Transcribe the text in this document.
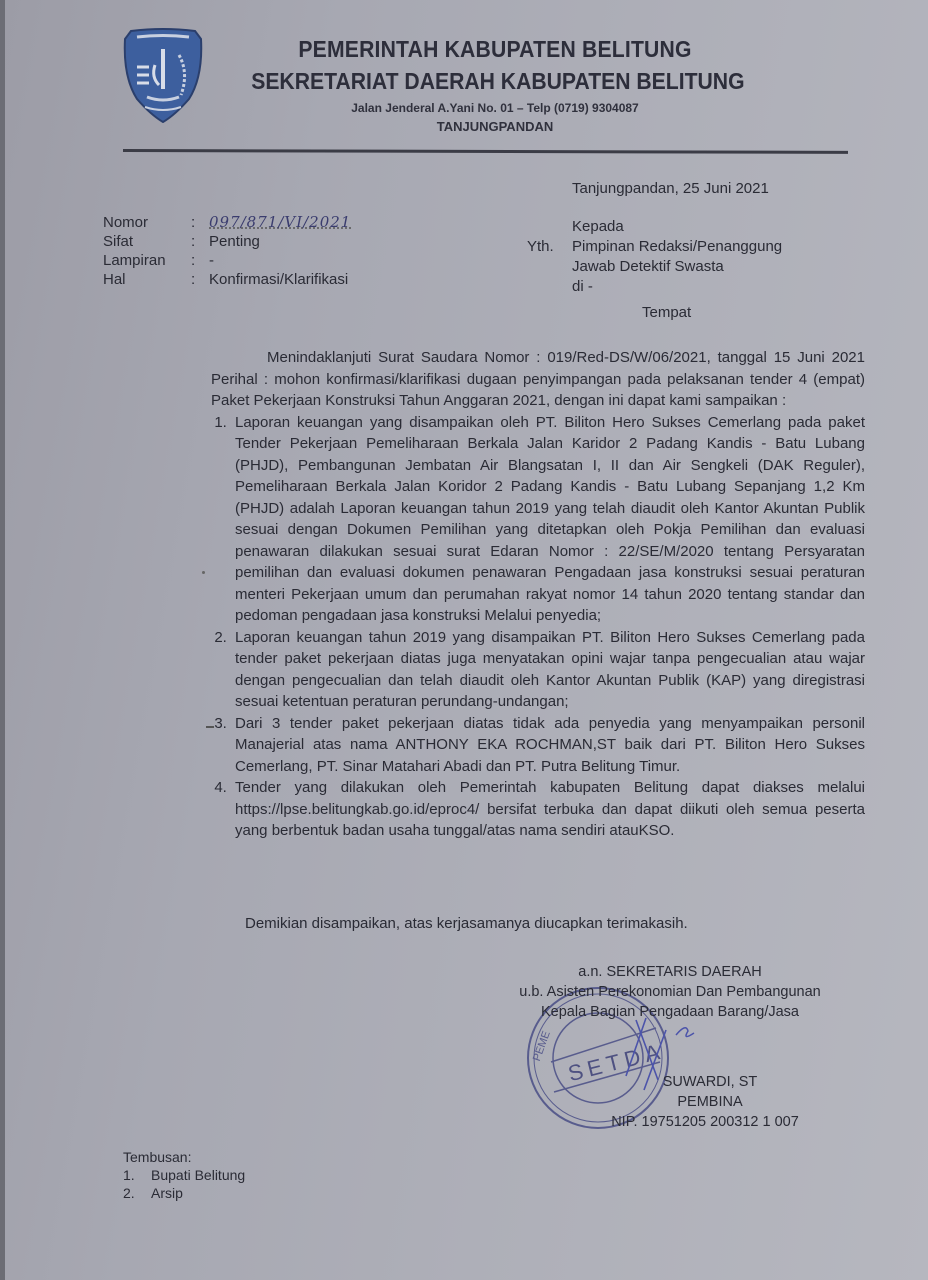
PEMERINTAH KABUPATEN BELITUNG
SEKRETARIAT DAERAH KABUPATEN BELITUNG
Jalan Jenderal A.Yani No. 01 – Telp (0719) 9304087
TANJUNGPANDAN
Tanjungpandan, 25 Juni 2021
Nomor	: 097/871/VI/2021
Sifat	: Penting
Lampiran	: -
Hal	: Konfirmasi/Klarifikasi
Kepada
Yth.	Pimpinan Redaksi/Penanggung
Jawab Detektif Swasta
di -
Tempat

Menindaklanjuti Surat Saudara Nomor : 019/Red-DS/W/06/2021, tanggal 15 Juni 2021 Perihal : mohon konfirmasi/klarifikasi dugaan penyimpangan pada pelaksanan tender 4 (empat) Paket Pekerjaan Konstruksi Tahun Anggaran 2021, dengan ini dapat kami sampaikan :

1. Laporan keuangan yang disampaikan oleh PT. Biliton Hero Sukses Cemerlang pada paket Tender Pekerjaan Pemeliharaan Berkala Jalan Karidor 2 Padang Kandis - Batu Lubang (PHJD), Pembangunan Jembatan Air Blangsatan I, II dan Air Sengkeli (DAK Reguler), Pemeliharaan Berkala Jalan Koridor 2 Padang Kandis - Batu Lubang Sepanjang 1,2 Km (PHJD) adalah Laporan keuangan tahun 2019 yang telah diaudit oleh Kantor Akuntan Publik sesuai dengan Dokumen Pemilihan yang ditetapkan oleh Pokja Pemilihan dan evaluasi penawaran dilakukan sesuai surat Edaran Nomor : 22/SE/M/2020 tentang Persyaratan pemilihan dan evaluasi dokumen penawaran Pengadaan jasa konstruksi sesuai peraturan menteri Pekerjaan umum dan perumahan rakyat nomor 14 tahun 2020 tentang standar dan pedoman pengadaan jasa konstruksi Melalui penyedia;
2. Laporan keuangan tahun 2019 yang disampaikan PT. Biliton Hero Sukses Cemerlang pada tender paket pekerjaan diatas juga menyatakan opini wajar tanpa pengecualian atau wajar dengan pengecualian dan telah diaudit oleh Kantor Akuntan Publik (KAP) yang diregistrasi sesuai ketentuan peraturan perundang-undangan;
3. Dari 3 tender paket pekerjaan diatas tidak ada penyedia yang menyampaikan personil Manajerial atas nama ANTHONY EKA ROCHMAN,ST baik dari PT. Biliton Hero Sukses Cemerlang, PT. Sinar Matahari Abadi dan PT. Putra Belitung Timur.
4. Tender yang dilakukan oleh Pemerintah kabupaten Belitung dapat diakses melalui https://lpse.belitungkab.go.id/eproc4/ bersifat terbuka dan dapat diikuti oleh semua peserta yang berbentuk badan usaha tunggal/atas nama sendiri atauKSO.
Demikian disampaikan, atas kerjasamanya diucapkan terimakasih.
SETDA
PEME
a.n. SEKRETARIS DAERAH
u.b. Asisten Perekonomian Dan Pembangunan
Kepala Bagian Pengadaan Barang/Jasa
SUWARDI, ST
PEMBINA
NIP. 19751205 200312 1 007
Tembusan:
1.	Bupati Belitung
2.	Arsip
